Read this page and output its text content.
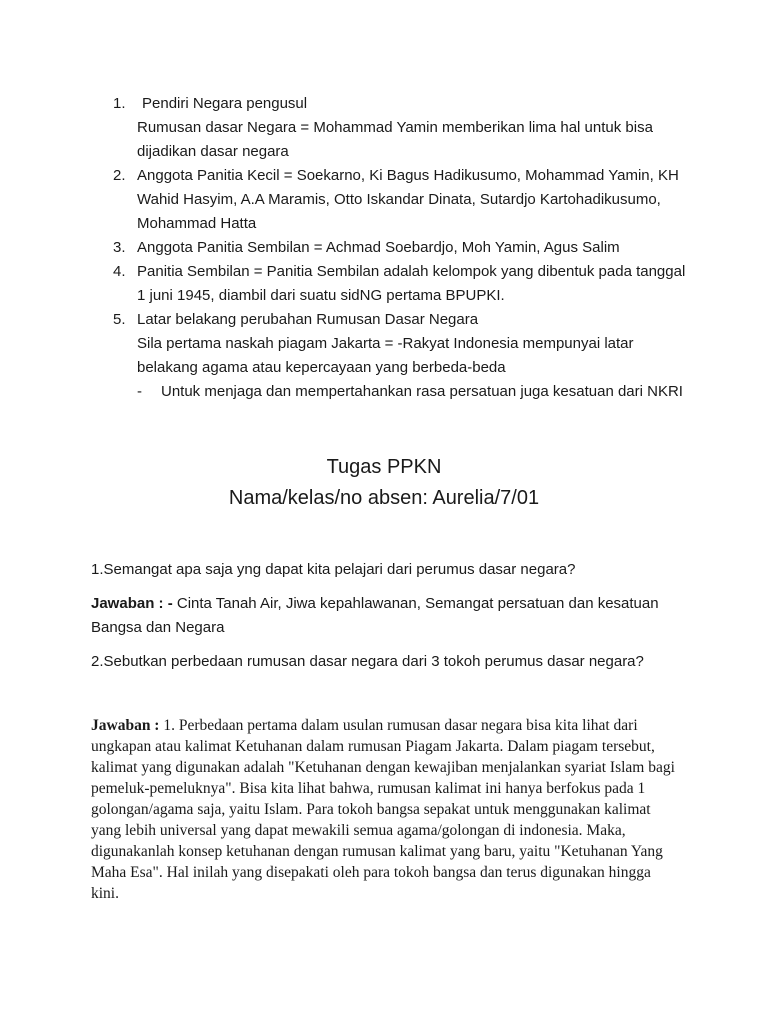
1. Pendiri Negara pengusul
Rumusan dasar Negara = Mohammad Yamin memberikan lima hal untuk bisa dijadikan dasar negara
2. Anggota Panitia Kecil = Soekarno, Ki Bagus Hadikusumo, Mohammad Yamin, KH Wahid Hasyim, A.A Maramis, Otto Iskandar Dinata, Sutardjo Kartohadikusumo, Mohammad Hatta
3. Anggota Panitia Sembilan = Achmad Soebardjo, Moh Yamin, Agus Salim
4. Panitia Sembilan = Panitia Sembilan adalah kelompok yang dibentuk pada tanggal 1 juni 1945, diambil dari suatu sidNG pertama BPUPKI.
5. Latar belakang perubahan Rumusan Dasar Negara
Sila pertama naskah piagam Jakarta = -Rakyat Indonesia mempunyai latar belakang agama atau kepercayaan yang berbeda-beda
- Untuk menjaga dan mempertahankan rasa persatuan juga kesatuan dari NKRI
Tugas PPKN
Nama/kelas/no absen: Aurelia/7/01

1.Semangat apa saja yng dapat kita pelajari dari perumus dasar negara?

Jawaban : - Cinta Tanah Air, Jiwa kepahlawanan, Semangat persatuan dan kesatuan Bangsa dan Negara

2.Sebutkan perbedaan rumusan dasar negara dari 3 tokoh perumus dasar negara?

Jawaban : 1. Perbedaan pertama dalam usulan rumusan dasar negara bisa kita lihat dari ungkapan atau kalimat Ketuhanan dalam rumusan Piagam Jakarta. Dalam piagam tersebut, kalimat yang digunakan adalah "Ketuhanan dengan kewajiban menjalankan syariat Islam bagi pemeluk-pemeluknya". Bisa kita lihat bahwa, rumusan kalimat ini hanya berfokus pada 1 golongan/agama saja, yaitu Islam. Para tokoh bangsa sepakat untuk menggunakan kalimat yang lebih universal yang dapat mewakili semua agama/golongan di indonesia. Maka, digunakanlah konsep ketuhanan dengan rumusan kalimat yang baru, yaitu "Ketuhanan Yang Maha Esa". Hal inilah yang disepakati oleh para tokoh bangsa dan terus digunakan hingga kini.
